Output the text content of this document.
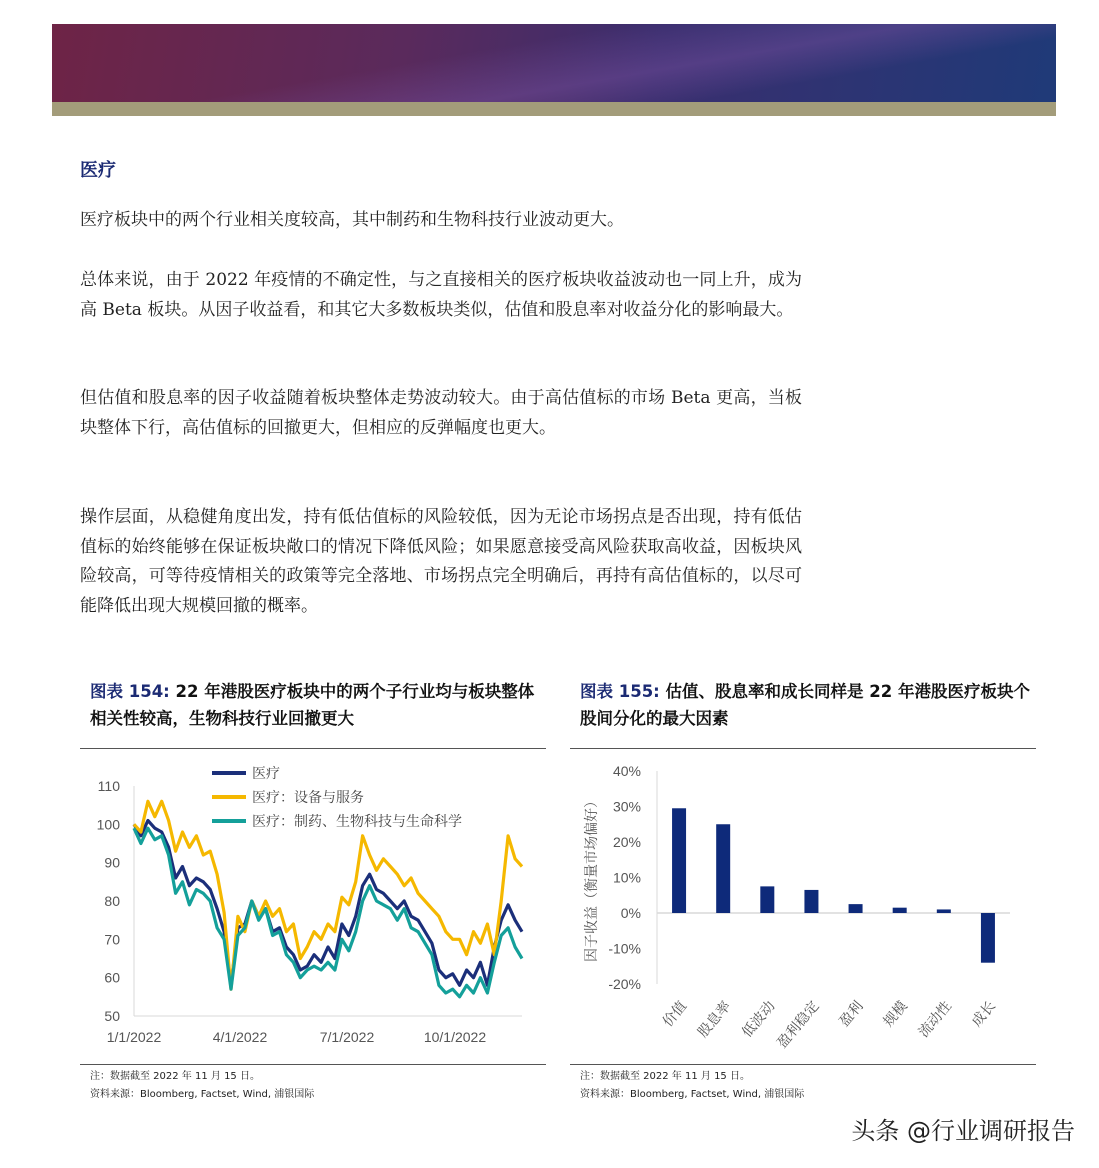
医疗
医疗板块中的两个行业相关度较高，其中制药和生物科技行业波动更大。
总体来说，由于 2022 年疫情的不确定性，与之直接相关的医疗板块收益波动也一同上升，成为高 Beta 板块。从因子收益看，和其它大多数板块类似，估值和股息率对收益分化的影响最大。
但估值和股息率的因子收益随着板块整体走势波动较大。由于高估值标的市场 Beta 更高，当板块整体下行，高估值标的回撤更大，但相应的反弹幅度也更大。
操作层面，从稳健角度出发，持有低估值标的风险较低，因为无论市场拐点是否出现，持有低估值标的始终能够在保证板块敞口的情况下降低风险；如果愿意接受高风险获取高收益，因板块风险较高，可等待疫情相关的政策等完全落地、市场拐点完全明确后，再持有高估值标的，以尽可能降低出现大规模回撤的概率。
图表 154: 22 年港股医疗板块中的两个子行业均与板块整体相关性较高，生物科技行业回撤更大
图表 155: 估值、股息率和成长同样是 22 年港股医疗板块个股间分化的最大因素
110
100
90
80
70
60
50
1/1/2022	4/1/2022	7/1/2022	10/1/2022
医疗
医疗：设备与服务
医疗：制药、生物科技与生命科学
40%
30%
20%
10%
0%
-10%
-20%
因子收益（衡量市场偏好）
价值 股息率 低波动
盈利稳定 盈利 规模 流动性 成长
注：数据截至 2022 年 11 月 15 日。
资料来源：Bloomberg, Factset, Wind, 浦银国际
注：数据截至 2022 年 11 月 15 日。
资料来源：Bloomberg, Factset, Wind, 浦银国际
头条 @行业调研报告
